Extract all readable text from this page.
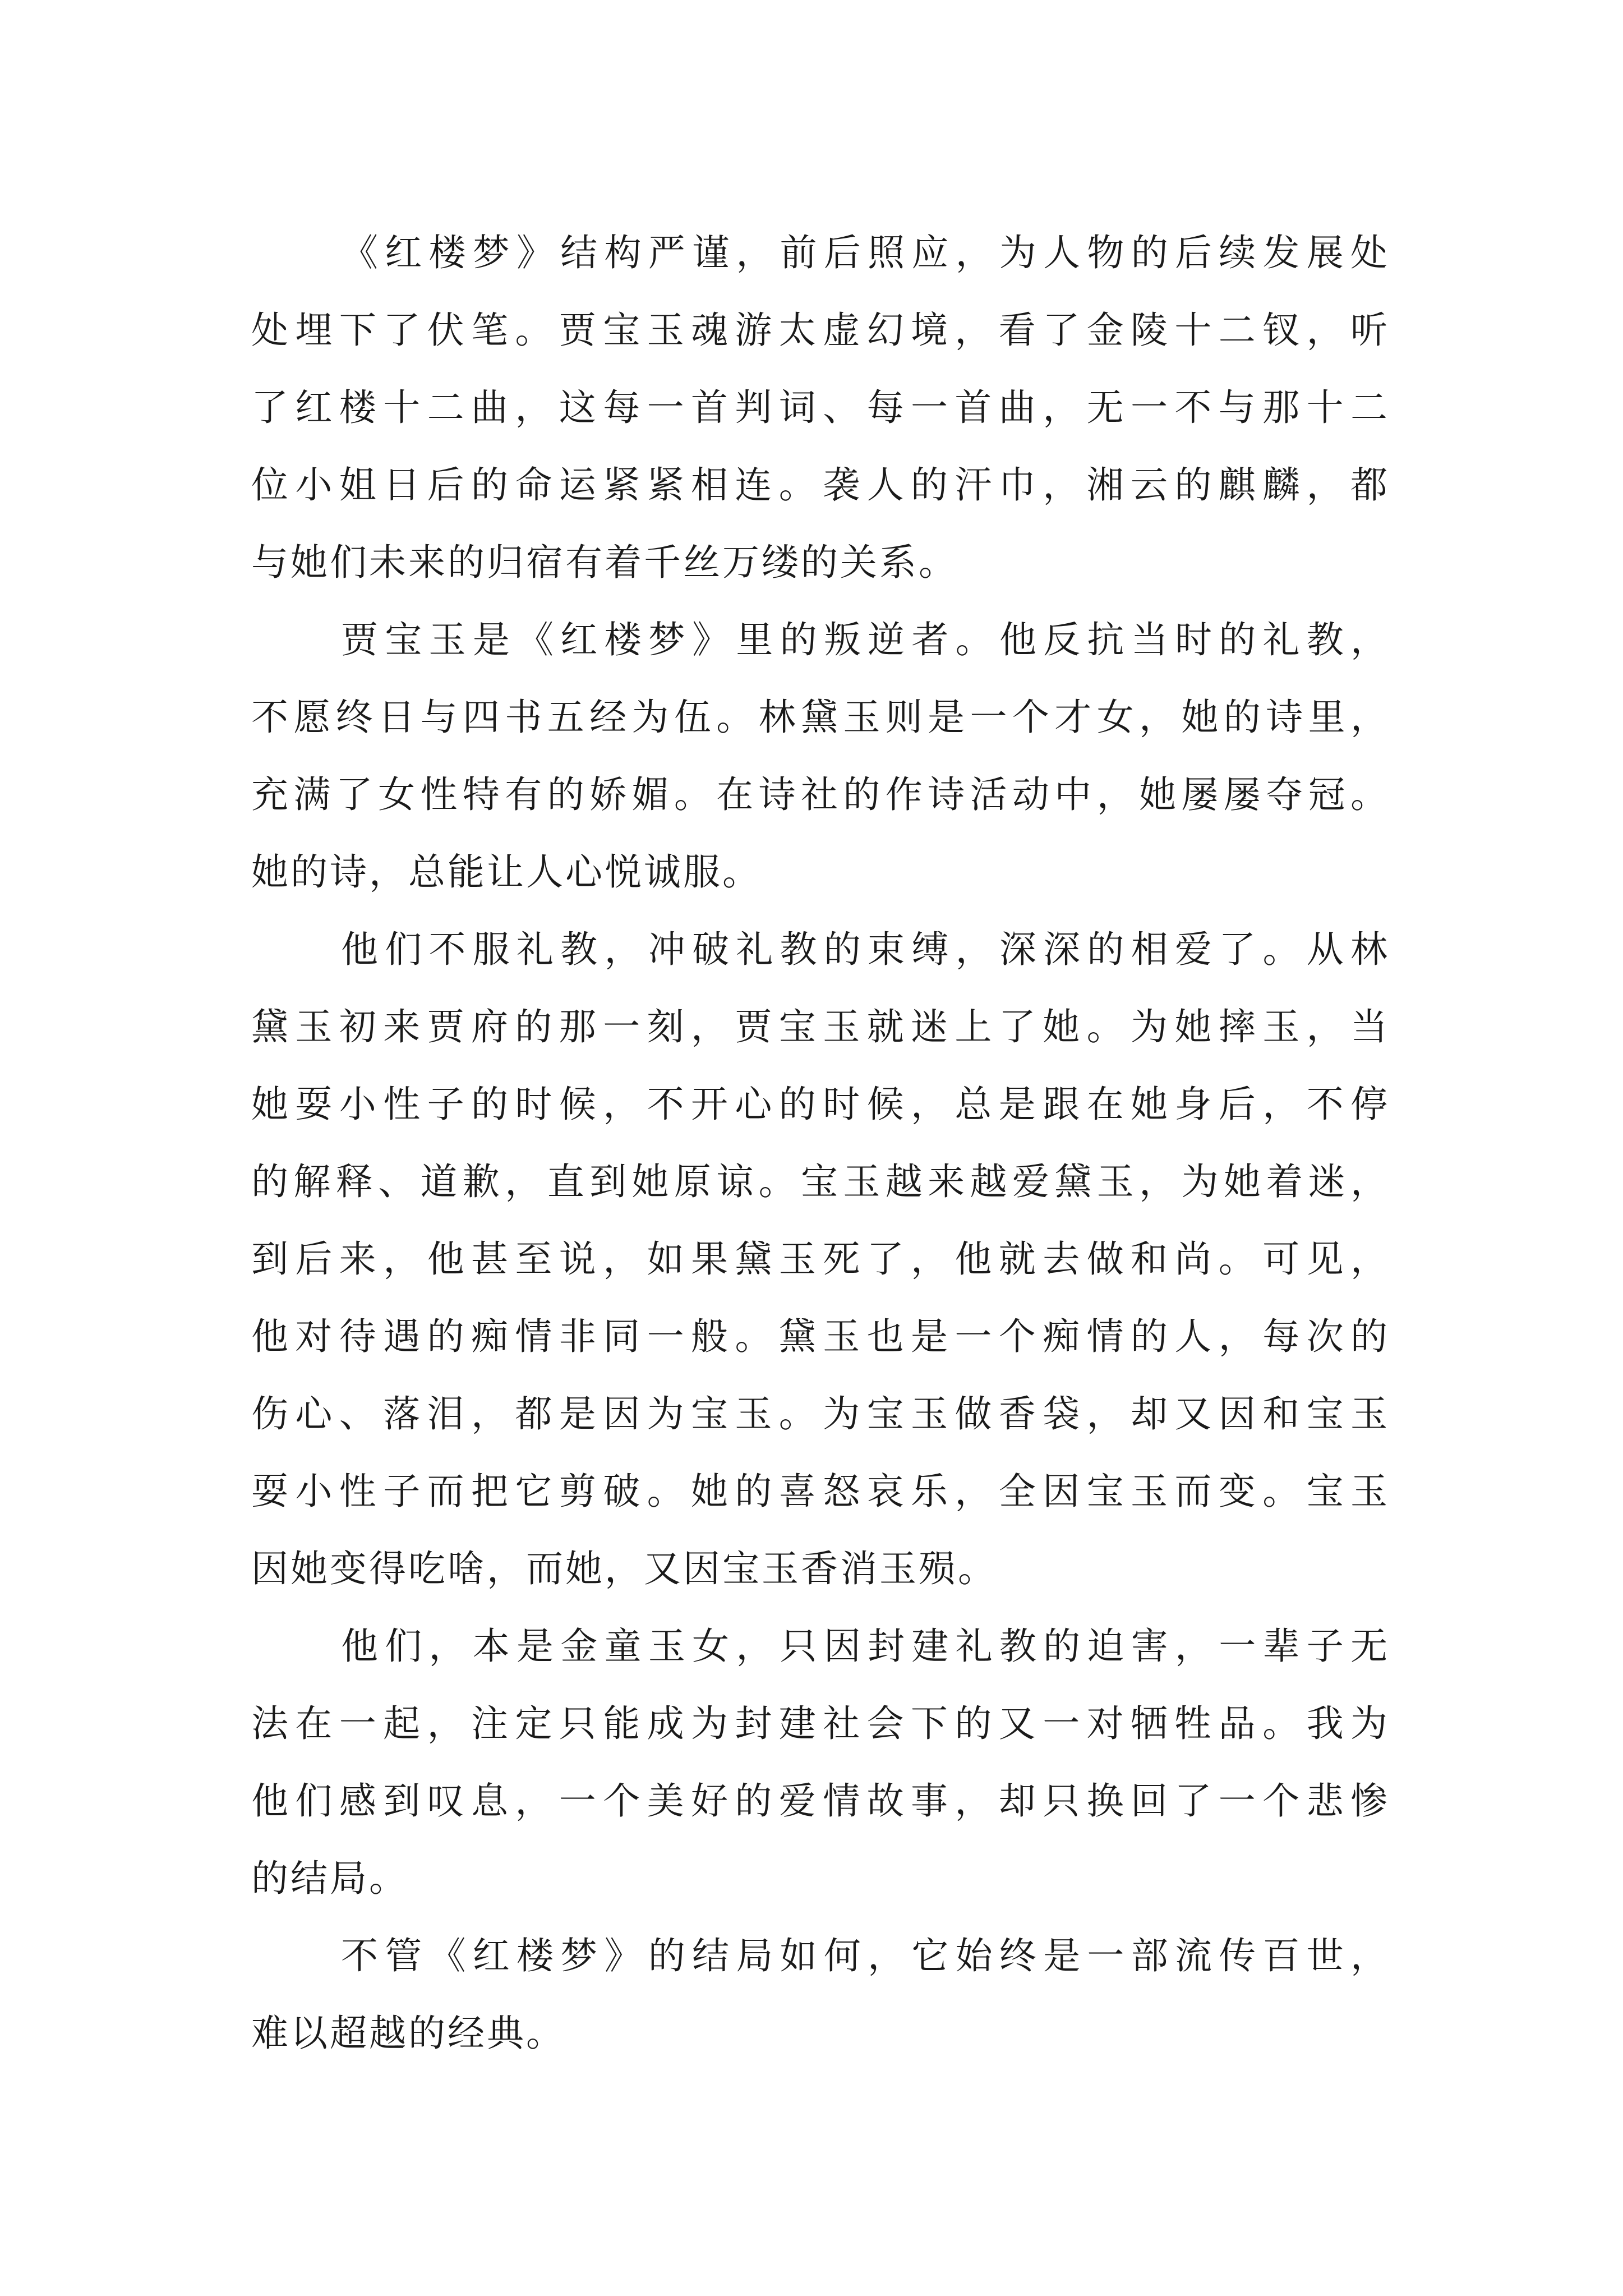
《红楼梦》结构严谨，前后照应，为人物的后续发展处
处埋下了伏笔。贾宝玉魂游太虚幻境，看了金陵十二钗，听
了红楼十二曲，这每一首判词、每一首曲，无一不与那十二
位小姐日后的命运紧紧相连。袭人的汗巾，湘云的麒麟，都
与她们未来的归宿有着千丝万缕的关系。
贾宝玉是《红楼梦》里的叛逆者。他反抗当时的礼教，
不愿终日与四书五经为伍。林黛玉则是一个才女，她的诗里，
充满了女性特有的娇媚。在诗社的作诗活动中，她屡屡夺冠。
她的诗，总能让人心悦诚服。
他们不服礼教，冲破礼教的束缚，深深的相爱了。从林
黛玉初来贾府的那一刻，贾宝玉就迷上了她。为她摔玉，当
她耍小性子的时候，不开心的时候，总是跟在她身后，不停
的解释、道歉，直到她原谅。宝玉越来越爱黛玉，为她着迷，
到后来，他甚至说，如果黛玉死了，他就去做和尚。可见，
他对待遇的痴情非同一般。黛玉也是一个痴情的人，每次的
伤心、落泪，都是因为宝玉。为宝玉做香袋，却又因和宝玉
耍小性子而把它剪破。她的喜怒哀乐，全因宝玉而变。宝玉
因她变得吃啥，而她，又因宝玉香消玉殒。
他们，本是金童玉女，只因封建礼教的迫害，一辈子无
法在一起，注定只能成为封建社会下的又一对牺牲品。我为
他们感到叹息，一个美好的爱情故事，却只换回了一个悲惨
的结局。
不管《红楼梦》的结局如何，它始终是一部流传百世，
难以超越的经典。
